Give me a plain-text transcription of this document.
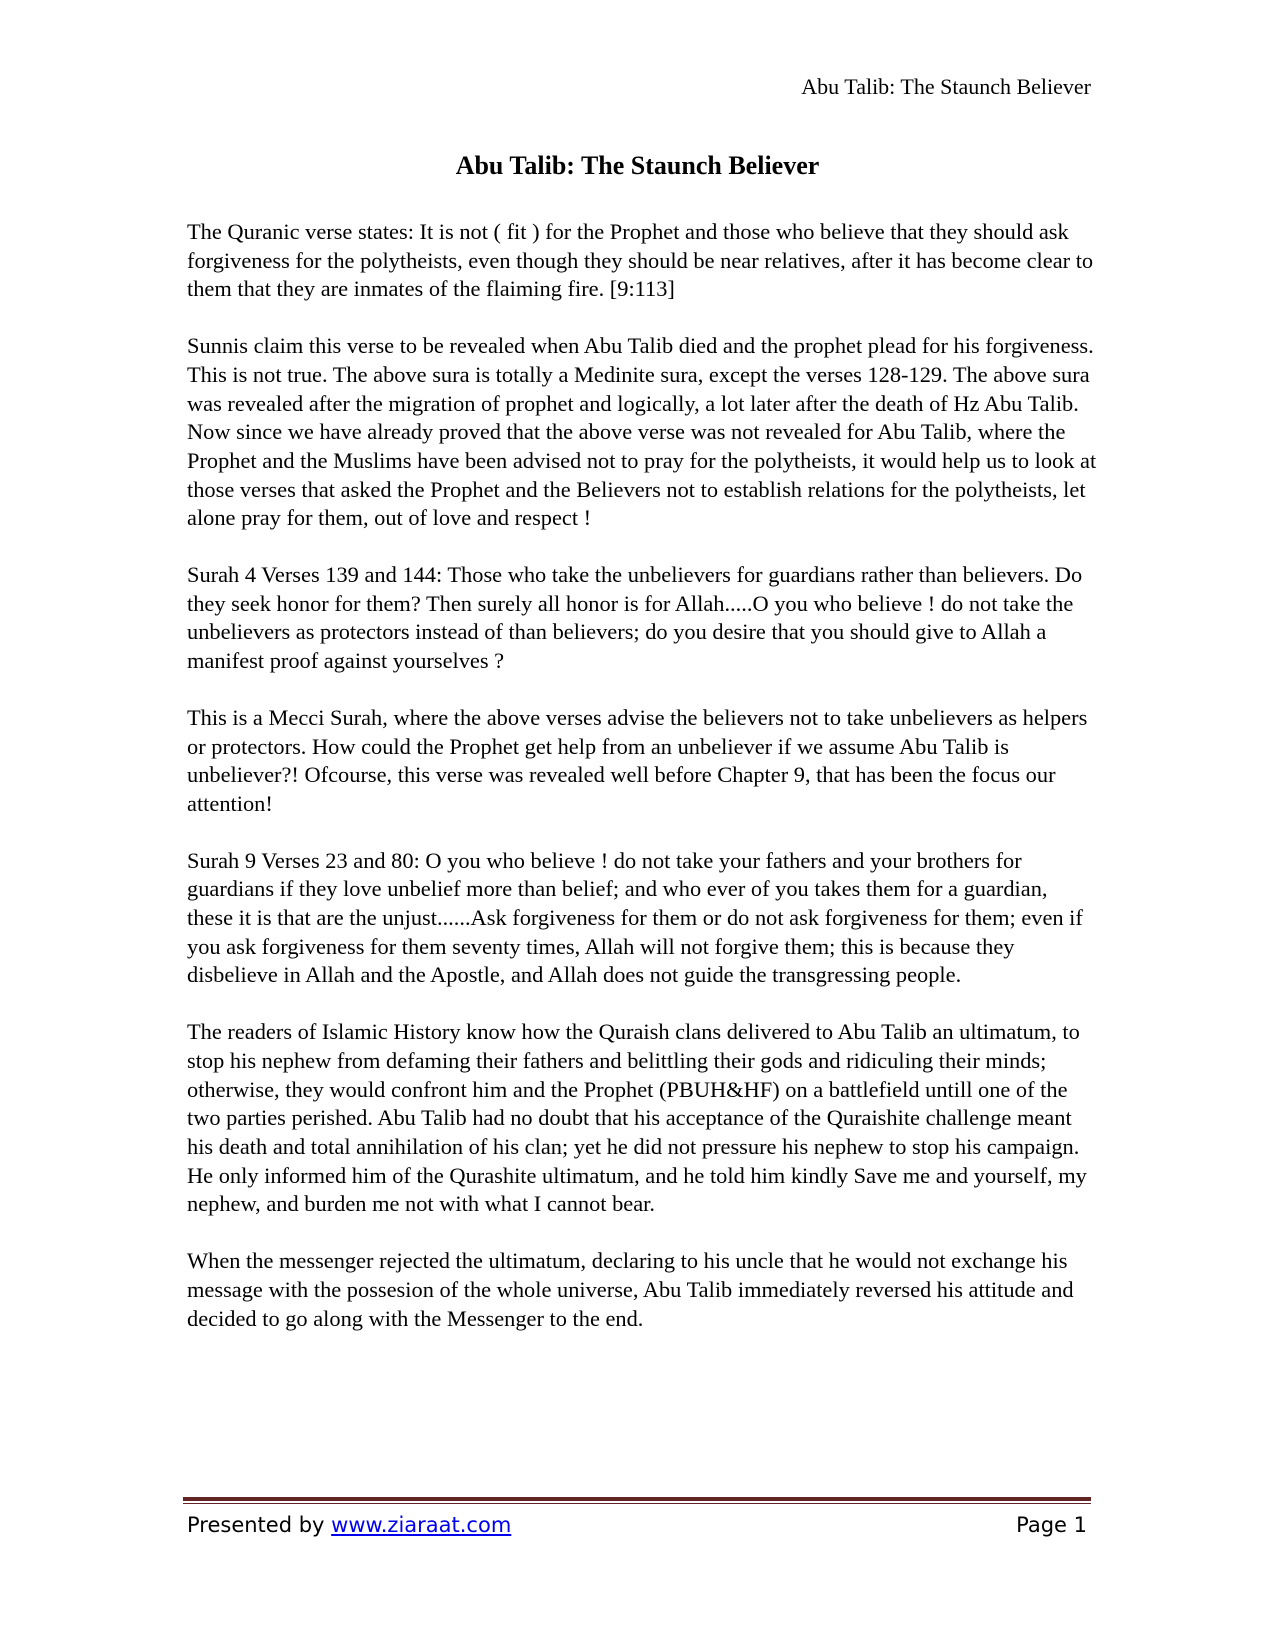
Abu Talib: The Staunch Believer
Abu Talib: The Staunch Believer

The Quranic verse states: It is not ( fit ) for the Prophet and those who believe that they should ask forgiveness for the polytheists, even though they should be near relatives, after it has become clear to them that they are inmates of the flaiming fire. [9:113]

Sunnis claim this verse to be revealed when Abu Talib died and the prophet plead for his forgiveness. This is not true. The above sura is totally a Medinite sura, except the verses 128-129. The above sura was revealed after the migration of prophet and logically, a lot later after the death of Hz Abu Talib. Now since we have already proved that the above verse was not revealed for Abu Talib, where the Prophet and the Muslims have been advised not to pray for the polytheists, it would help us to look at those verses that asked the Prophet and the Believers not to establish relations for the polytheists, let alone pray for them, out of love and respect !

Surah 4 Verses 139 and 144: Those who take the unbelievers for guardians rather than believers. Do they seek honor for them? Then surely all honor is for Allah.....O you who believe ! do not take the unbelievers as protectors instead of than believers; do you desire that you should give to Allah a manifest proof against yourselves ?

This is a Mecci Surah, where the above verses advise the believers not to take unbelievers as helpers or protectors. How could the Prophet get help from an unbeliever if we assume Abu Talib is unbeliever?! Ofcourse, this verse was revealed well before Chapter 9, that has been the focus our attention!

Surah 9 Verses 23 and 80: O you who believe ! do not take your fathers and your brothers for guardians if they love unbelief more than belief; and who ever of you takes them for a guardian, these it is that are the unjust......Ask forgiveness for them or do not ask forgiveness for them; even if you ask forgiveness for them seventy times, Allah will not forgive them; this is because they disbelieve in Allah and the Apostle, and Allah does not guide the transgressing people.

The readers of Islamic History know how the Quraish clans delivered to Abu Talib an ultimatum, to stop his nephew from defaming their fathers and belittling their gods and ridiculing their minds; otherwise, they would confront him and the Prophet (PBUH&HF) on a battlefield untill one of the two parties perished. Abu Talib had no doubt that his acceptance of the Quraishite challenge meant his death and total annihilation of his clan; yet he did not pressure his nephew to stop his campaign. He only informed him of the Qurashite ultimatum, and he told him kindly Save me and yourself, my nephew, and burden me not with what I cannot bear.

When the messenger rejected the ultimatum, declaring to his uncle that he would not exchange his message with the possesion of the whole universe, Abu Talib immediately reversed his attitude and decided to go along with the Messenger to the end.

Presented by www.ziaraat.com	Page 1
